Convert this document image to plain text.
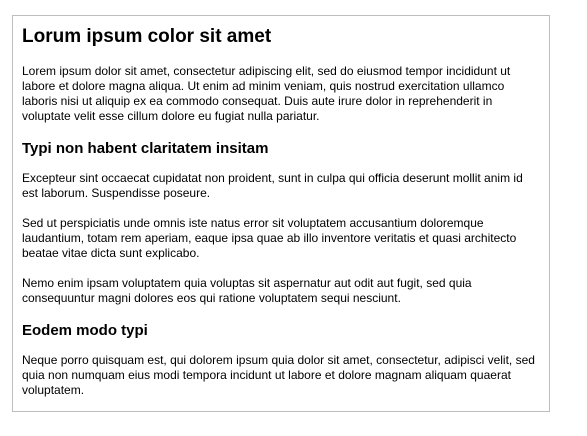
Lorum ipsum color sit amet

Lorem ipsum dolor sit amet, consectetur adipiscing elit, sed do eiusmod tempor incididunt ut labore et dolore magna aliqua. Ut enim ad minim veniam, quis nostrud exercitation ullamco laboris nisi ut aliquip ex ea commodo consequat. Duis aute irure dolor in reprehenderit in voluptate velit esse cillum dolore eu fugiat nulla pariatur.

Typi non habent claritatem insitam

Excepteur sint occaecat cupidatat non proident, sunt in culpa qui officia deserunt mollit anim id est laborum. Suspendisse poseure.

Sed ut perspiciatis unde omnis iste natus error sit voluptatem accusantium doloremque laudantium, totam rem aperiam, eaque ipsa quae ab illo inventore veritatis et quasi architecto beatae vitae dicta sunt explicabo.

Nemo enim ipsam voluptatem quia voluptas sit aspernatur aut odit aut fugit, sed quia consequuntur magni dolores eos qui ratione voluptatem sequi nesciunt.

Eodem modo typi

Neque porro quisquam est, qui dolorem ipsum quia dolor sit amet, consectetur, adipisci velit, sed quia non numquam eius modi tempora incidunt ut labore et dolore magnam aliquam quaerat voluptatem.
